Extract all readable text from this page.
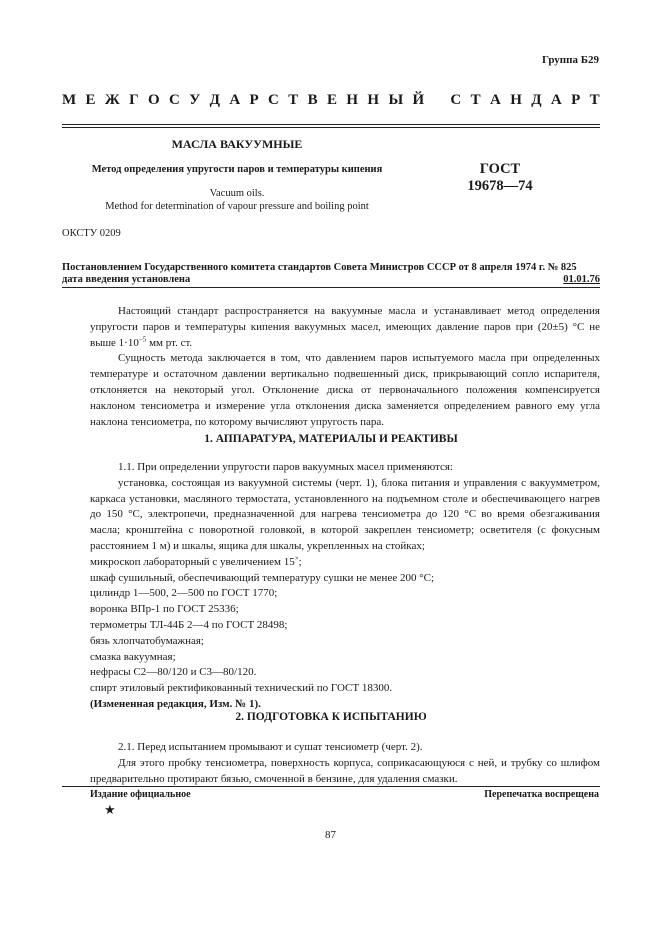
Группа Б29
М Е Ж Г О С У Д А Р С Т В Е Н Н Ы Й
С Т А Н Д А Р Т
МАСЛА ВАКУУМНЫЕ
Метод определения упругости паров и температуры кипения	ГОСТ
19678—74
Vacuum oils.
Method for determination of vapour pressure and boiling point
ОКСТУ 0209
Постановлением Государственного комитета стандартов Совета Министров СССР от 8 апреля 1974 г. № 825
дата введения установлена	01.01.76

Настоящий стандарт распространяется на вакуумные масла и устанавливает метод определения упругости паров и температуры кипения вакуумных масел, имеющих давление паров при (20±5) °С не выше $1\cdot 10^{-5}$ мм рт. ст.

Сущность метода заключается в том, что давлением паров испытуемого масла при определенных температуре и остаточном давлении вертикально подвешенный диск, прикрывающий сопло испарителя, отклоняется на некоторый угол. Отклонение диска от первоначального положения компенсируется наклоном тенсиометра и измерение угла отклонения диска заменяется определением равного ему угла наклона тенсиометра, по которому вычисляют упругость пара.

1. АППАРАТУРА, МАТЕРИАЛЫ И РЕАКТИВЫ

1.1. При определении упругости паров вакуумных масел применяются:

установка, состоящая из вакуумной системы (черт. 1), блока питания и управления с вакуумметром, каркаса установки, масляного термостата, установленного на подъемном столе и обеспечивающего нагрев до 150 °С, электропечи, предназначенной для нагрева тенсиометра до 120 °С во время обезгаживания масла; кронштейна с поворотной головкой, в которой закреплен тенсиометр; осветителя (с фокусным расстоянием 1 м) и шкалы, ящика для шкалы, укрепленных на стойках;

микроскоп лабораторный с увеличением 15×;

шкаф сушильный, обеспечивающий температуру сушки не менее 200 °С;

цилиндр 1—500, 2—500 по ГОСТ 1770;

воронка ВПр-1 по ГОСТ 25336;

термометры ТЛ-44Б 2—4 по ГОСТ 28498;

бязь хлопчатобумажная;

смазка вакуумная;

нефрасы С2—80/120 и С3—80/120.

спирт этиловый ректификованный технический по ГОСТ 18300.

(Измененная редакция, Изм. № 1).

2. ПОДГОТОВКА К ИСПЫТАНИЮ

2.1. Перед испытанием промывают и сушат тенсиометр (черт. 2).

Для этого пробку тенсиометра, поверхность корпуса, соприкасающуюся с ней, и трубку со шлифом предварительно протирают бязью, смоченной в бензине, для удаления смазки.

Издание официальное	Перепечатка воспрещена
★
87
